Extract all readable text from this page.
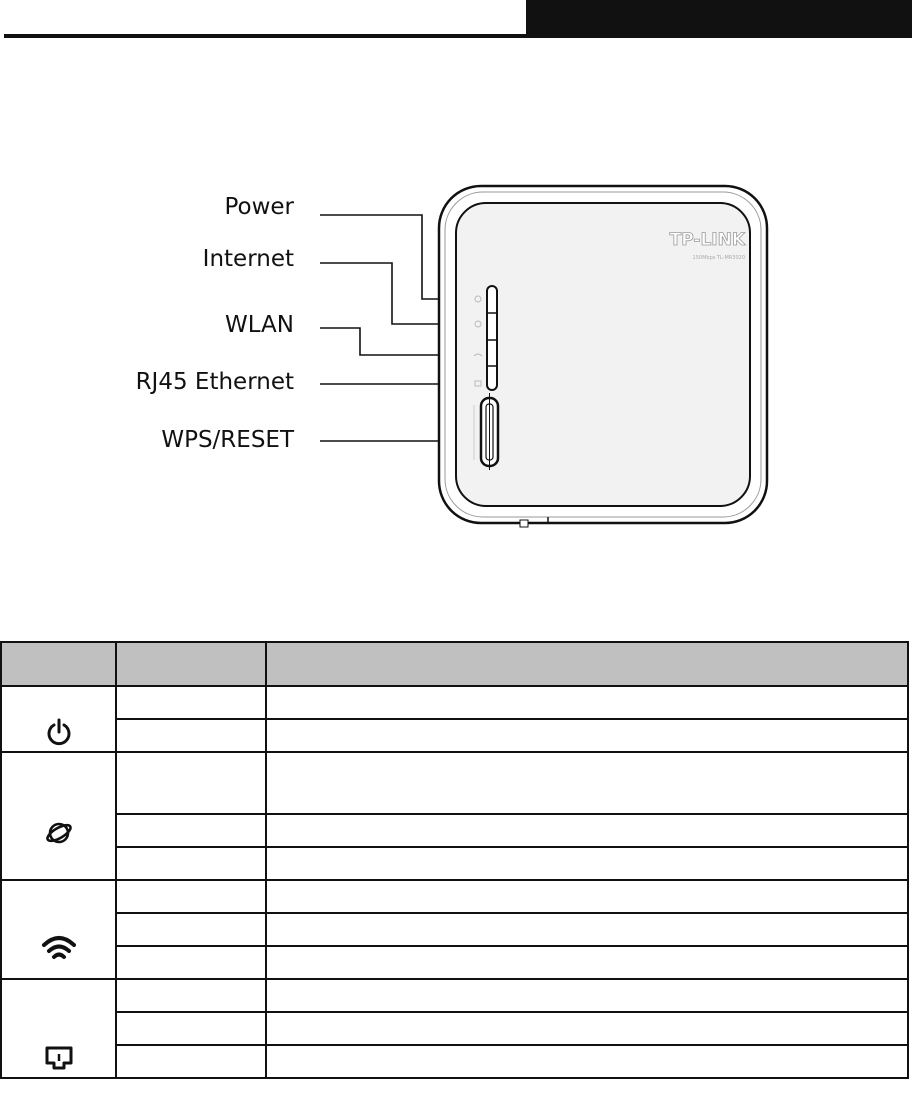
Power
Internet
WLAN
RJ45 Ethernet
WPS/RESET
TP-LINK
150Mbps TL-MR3020
